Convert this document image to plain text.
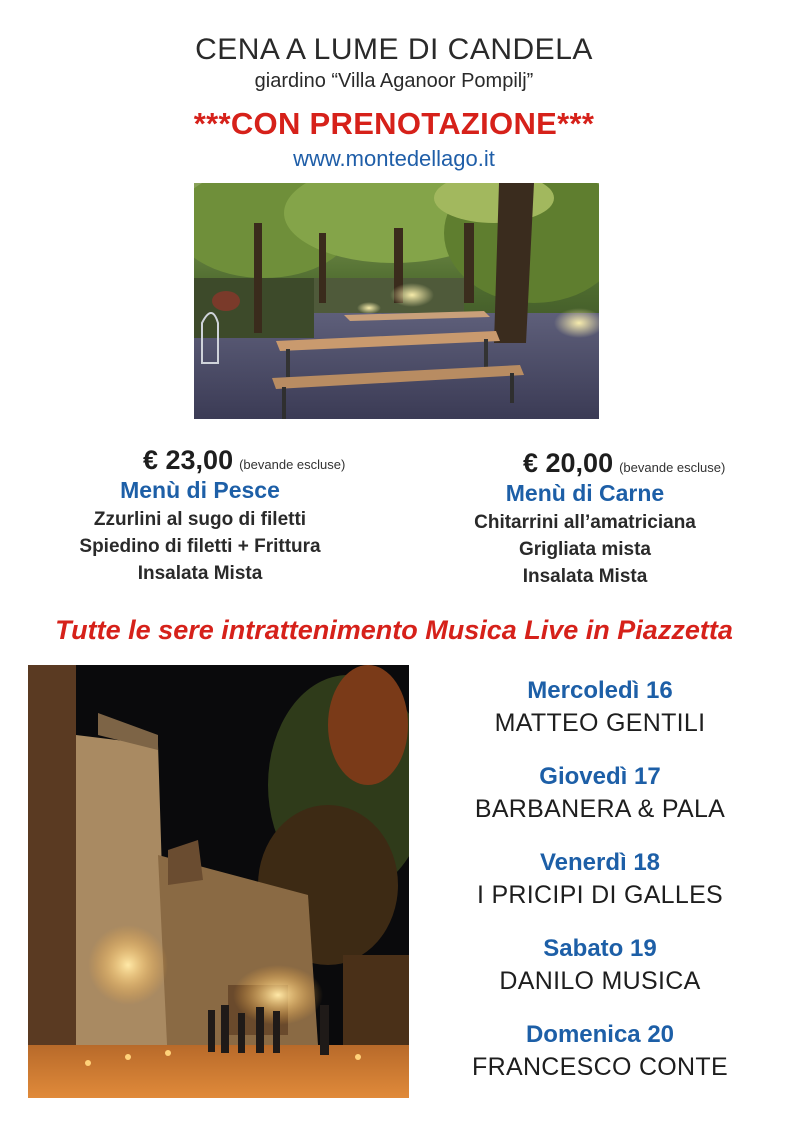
CENA A LUME DI CANDELA
giardino “Villa Aganoor Pompilj”
***CON PRENOTAZIONE***
www.montedellago.it
€ 23,00 (bevande escluse)
Menù di Pesce
Zzurlini al sugo di filetti
Spiedino di filetti + Frittura
Insalata Mista
€ 20,00 (bevande escluse)
Menù di Carne
Chitarrini all’amatriciana
Grigliata mista
Insalata Mista
Tutte le sere intrattenimento Musica Live in Piazzetta
Mercoledì 16
MATTEO GENTILI
Giovedì 17
BARBANERA & PALA
Venerdì 18
I PRICIPI DI GALLES
Sabato 19
DANILO MUSICA
Domenica 20
FRANCESCO CONTE
